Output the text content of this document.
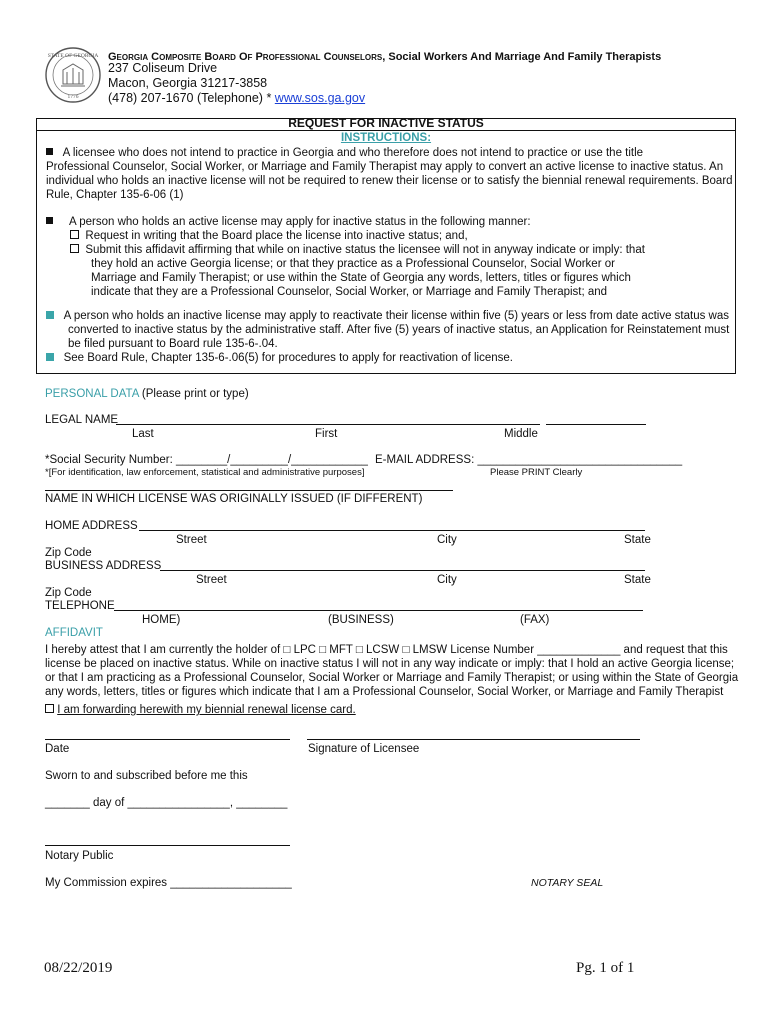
STATE OF GEORGIA
1776
Georgia Composite Board Of Professional Counselors, Social Workers And Marriage And Family Therapists
237 Coliseum Drive
Macon, Georgia 31217-3858
(478) 207-1670 (Telephone) * www.sos.ga.gov
REQUEST FOR INACTIVE STATUS
INSTRUCTIONS:
A licensee who does not intend to practice in Georgia and who therefore does not intend to practice or use the title
Professional Counselor, Social Worker, or Marriage and Family Therapist may apply to convert an active license to inactive status. An
individual who holds an inactive license will not be required to renew their license or to satisfy the biennial renewal requirements. Board
Rule, Chapter 135-6-06 (1)
A person who holds an active license may apply for inactive status in the following manner:
Request in writing that the Board place the license into inactive status; and,
Submit this affidavit affirming that while on inactive status the licensee will not in anyway indicate or imply: that
they hold an active Georgia license; or that they practice as a Professional Counselor, Social Worker or
Marriage and Family Therapist; or use within the State of Georgia any words, letters, titles or figures which
indicate that they are a Professional Counselor, Social Worker, or Marriage and Family Therapist; and
A person who holds an inactive license may apply to reactivate their license within five (5) years or less from date active status was
converted to inactive status by the administrative staff. After five (5) years of inactive status, an Application for Reinstatement must
be filed pursuant to Board rule 135-6-.04.
See Board Rule, Chapter 135-6-.06(5) for procedures to apply for reactivation of license.
PERSONAL DATA (Please print or type)
LEGAL NAME
Last	First	Middle
*Social Security Number: ________/_________/____________ E-MAIL ADDRESS: ________________________________
*[For identification, law enforcement, statistical and administrative purposes]	Please PRINT Clearly
NAME IN WHICH LICENSE WAS ORIGINALLY ISSUED (IF DIFFERENT)
HOME ADDRESS
Street	City	State
Zip Code
BUSINESS ADDRESS
Street	City	State
Zip Code
TELEPHONE
HOME)	(BUSINESS)	(FAX)
AFFIDAVIT
I hereby attest that I am currently the holder of □ LPC □ MFT □ LCSW □ LMSW License Number _____________ and request that this
license be placed on inactive status. While on inactive status I will not in any way indicate or imply: that I hold an active Georgia license;
or that I am practicing as a Professional Counselor, Social Worker or Marriage and Family Therapist; or using within the State of Georgia
any words, letters, titles or figures which indicate that I am a Professional Counselor, Social Worker, or Marriage and Family Therapist
I am forwarding herewith my biennial renewal license card.
Date	Signature of Licensee
Sworn to and subscribed before me this
_______ day of ________________, ________
Notary Public
My Commission expires ___________________	NOTARY SEAL
08/22/2019	Pg. 1 of 1
